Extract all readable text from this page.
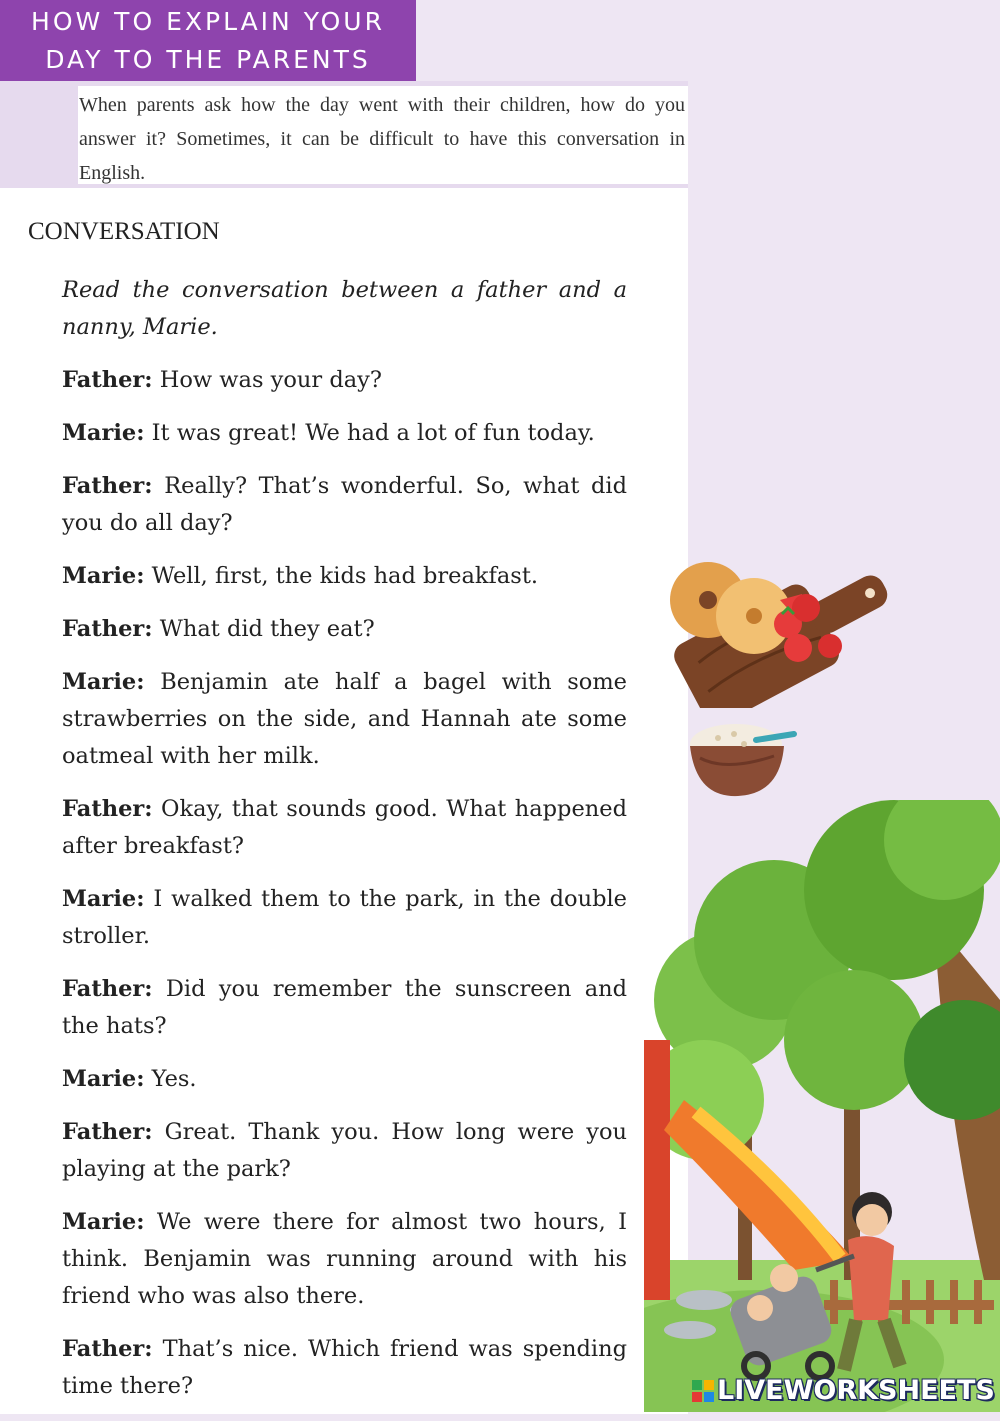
HOW TO EXPLAIN YOUR
DAY TO THE PARENTS
When parents ask how the day went with their children, how do you answer it? Sometimes, it can be difficult to have this conversation in English.
CONVERSATION

Read the conversation between a father and a nanny, Marie.

Father: How was your day?

Marie: It was great! We had a lot of fun today.

Father: Really? That’s wonderful. So, what did you do all day?

Marie: Well, first, the kids had breakfast.

Father: What did they eat?

Marie: Benjamin ate half a bagel with some strawberries on the side, and Hannah ate some oatmeal with her milk.

Father: Okay, that sounds good. What happened after breakfast?

Marie: I walked them to the park, in the double stroller.

Father: Did you remember the sunscreen and the hats?

Marie: Yes.

Father: Great. Thank you. How long were you playing at the park?

Marie: We were there for almost two hours, I think. Benjamin was running around with his friend who was also there.

Father: That’s nice. Which friend was spending time there?	LIVEWORKSHEETS
